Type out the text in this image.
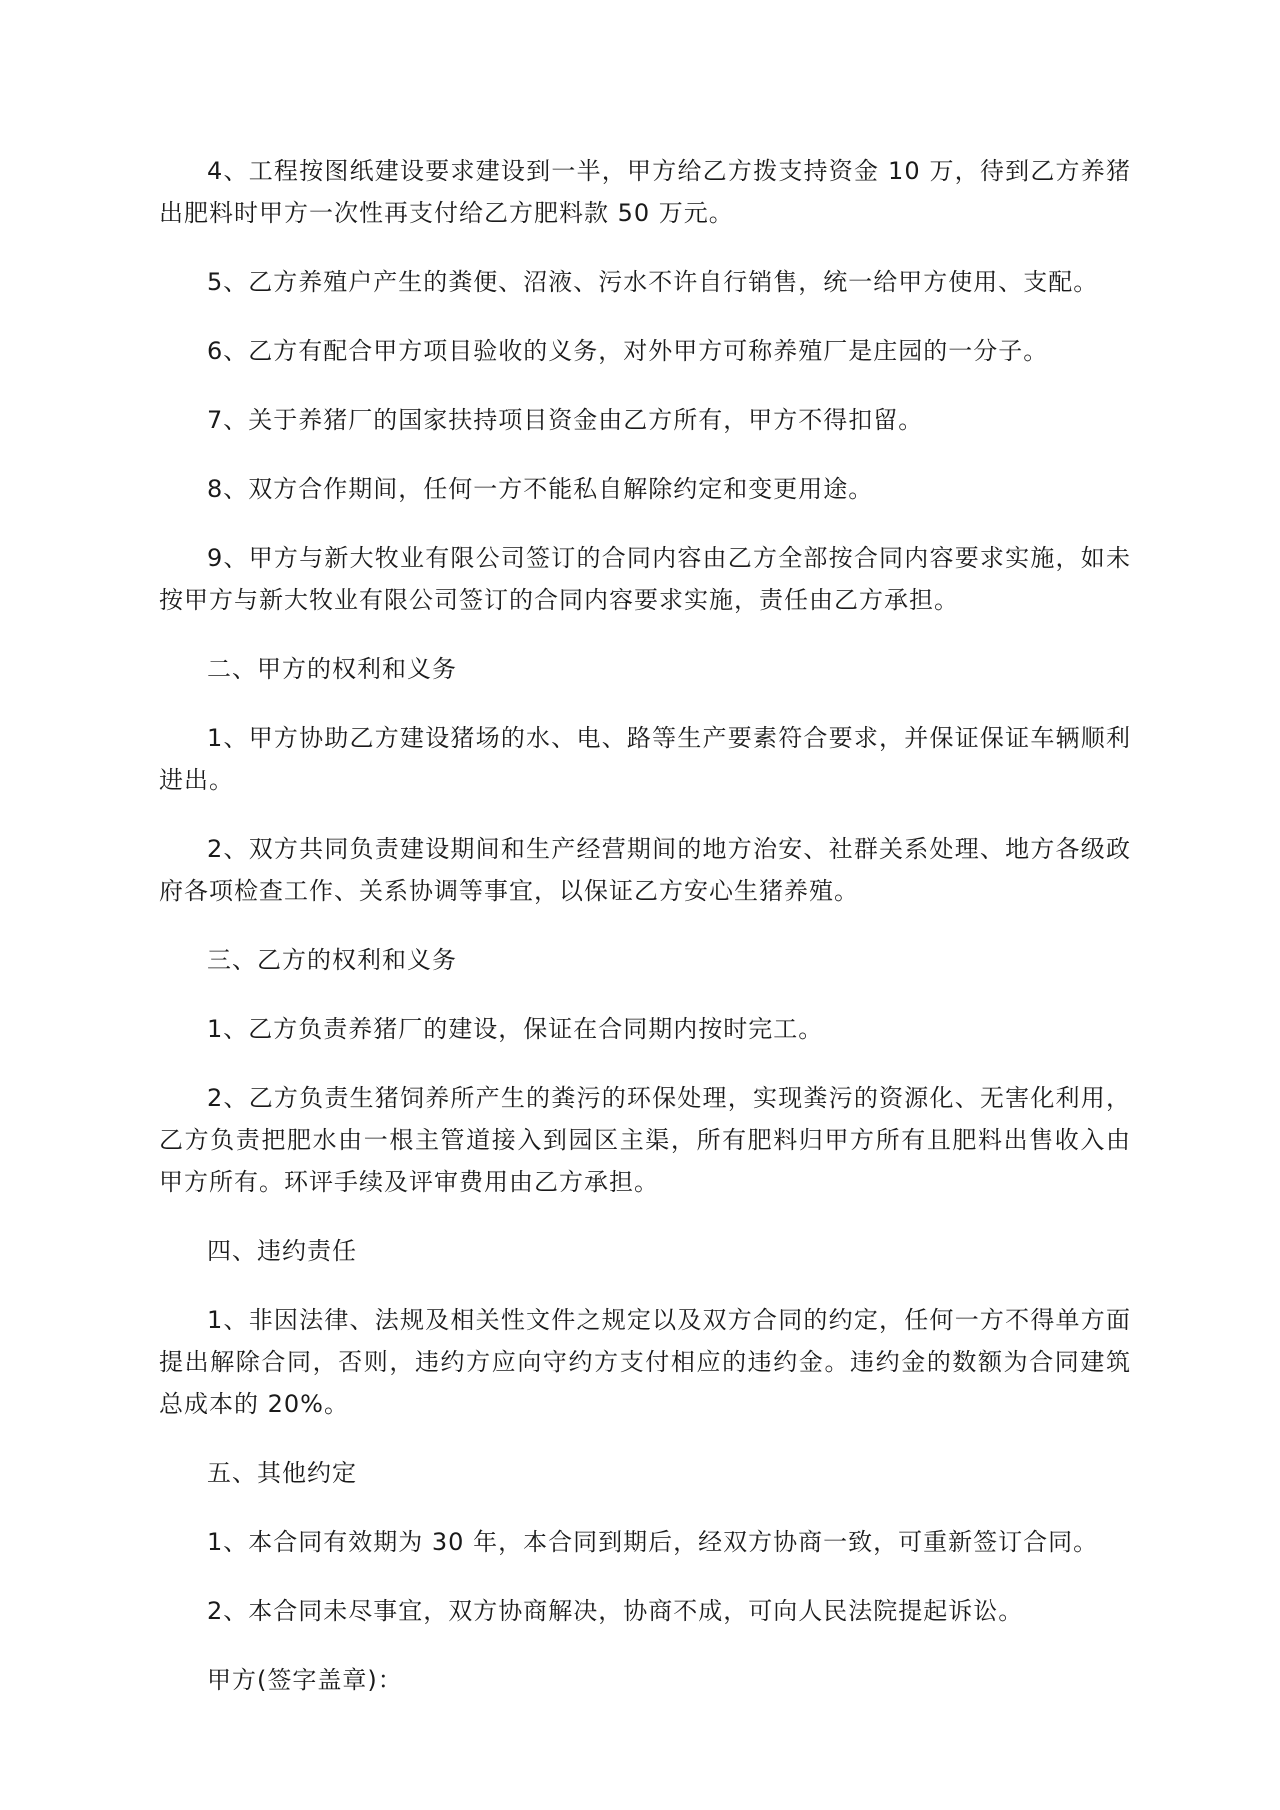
4、工程按图纸建设要求建设到一半，甲方给乙方拨支持资金 10 万，待到乙方养猪出肥料时甲方一次性再支付给乙方肥料款 50 万元。

5、乙方养殖户产生的粪便、沼液、污水不许自行销售，统一给甲方使用、支配。

6、乙方有配合甲方项目验收的义务，对外甲方可称养殖厂是庄园的一分子。

7、关于养猪厂的国家扶持项目资金由乙方所有，甲方不得扣留。

8、双方合作期间，任何一方不能私自解除约定和变更用途。

9、甲方与新大牧业有限公司签订的合同内容由乙方全部按合同内容要求实施，如未按甲方与新大牧业有限公司签订的合同内容要求实施，责任由乙方承担。

二、甲方的权利和义务

1、甲方协助乙方建设猪场的水、电、路等生产要素符合要求，并保证保证车辆顺利进出。

2、双方共同负责建设期间和生产经营期间的地方治安、社群关系处理、地方各级政府各项检查工作、关系协调等事宜，以保证乙方安心生猪养殖。

三、乙方的权利和义务

1、乙方负责养猪厂的建设，保证在合同期内按时完工。

2、乙方负责生猪饲养所产生的粪污的环保处理，实现粪污的资源化、无害化利用，乙方负责把肥水由一根主管道接入到园区主渠，所有肥料归甲方所有且肥料出售收入由甲方所有。环评手续及评审费用由乙方承担。

四、违约责任

1、非因法律、法规及相关性文件之规定以及双方合同的约定，任何一方不得单方面提出解除合同，否则，违约方应向守约方支付相应的违约金。违约金的数额为合同建筑总成本的 20%。

五、其他约定

1、本合同有效期为 30 年，本合同到期后，经双方协商一致，可重新签订合同。

2、本合同未尽事宜，双方协商解决，协商不成，可向人民法院提起诉讼。

甲方(签字盖章)：
